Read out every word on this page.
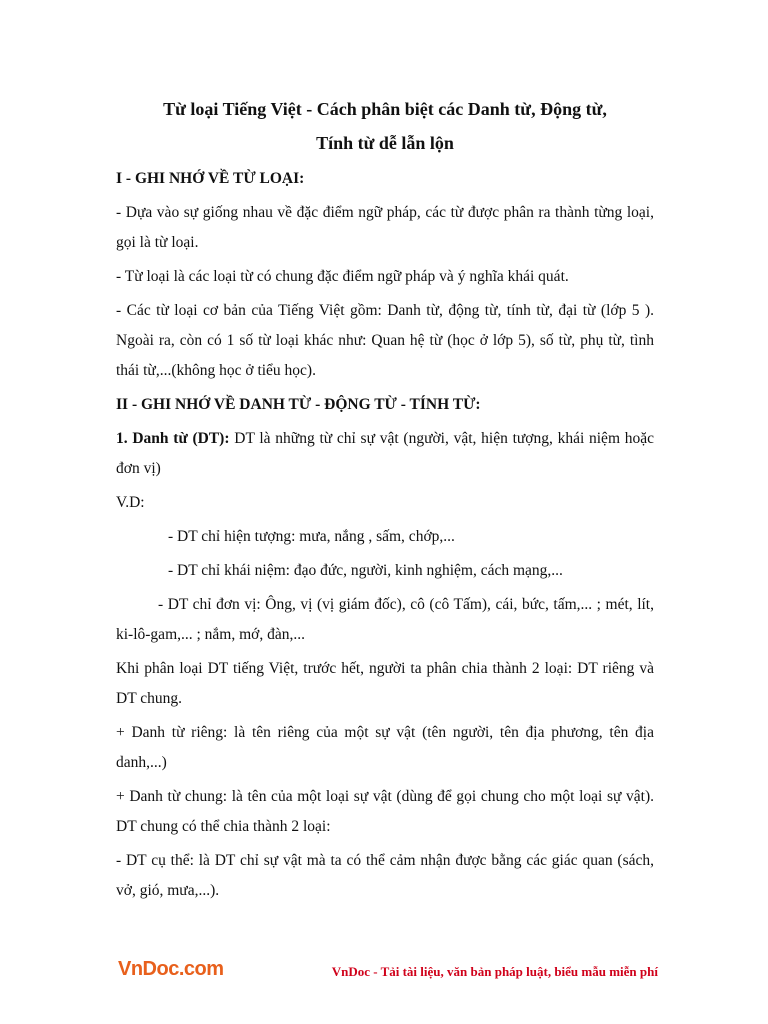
Từ loại Tiếng Việt - Cách phân biệt các Danh từ, Động từ,
Tính từ dễ lẫn lộn
I - GHI NHỚ VỀ TỪ LOẠI:
- Dựa vào sự giống nhau về đặc điểm ngữ pháp, các từ được phân ra thành từng loại, gọi là từ loại.
- Từ loại là các loại từ có chung đặc điểm ngữ pháp và ý nghĩa khái quát.
- Các từ loại cơ bản của Tiếng Việt gồm: Danh từ, động từ, tính từ, đại từ (lớp 5 ). Ngoài ra, còn có 1 số từ loại khác như: Quan hệ từ (học ở lớp 5), số từ, phụ từ, tình thái từ,...(không học ở tiểu học).
II - GHI NHỚ VỀ DANH TỪ - ĐỘNG TỪ - TÍNH TỪ:
1. Danh từ (DT): DT là những từ chỉ sự vật (người, vật, hiện tượng, khái niệm hoặc đơn vị)
V.D:
- DT chỉ hiện tượng: mưa, nắng , sấm, chớp,...
- DT chỉ khái niệm: đạo đức, người, kinh nghiệm, cách mạng,...
- DT chỉ đơn vị: Ông, vị (vị giám đốc), cô (cô Tấm), cái, bức, tấm,... ; mét, lít, ki-lô-gam,... ; nắm, mớ, đàn,...
Khi phân loại DT tiếng Việt, trước hết, người ta phân chia thành 2 loại: DT riêng và DT chung.
+ Danh từ riêng: là tên riêng của một sự vật (tên người, tên địa phương, tên địa danh,...)
+ Danh từ chung: là tên của một loại sự vật (dùng để gọi chung cho một loại sự vật). DT chung có thể chia thành 2 loại:
- DT cụ thể: là DT chỉ sự vật mà ta có thể cảm nhận được bằng các giác quan (sách, vở, gió, mưa,...).
VnDoc.com	VnDoc - Tải tài liệu, văn bản pháp luật, biểu mẫu miễn phí
